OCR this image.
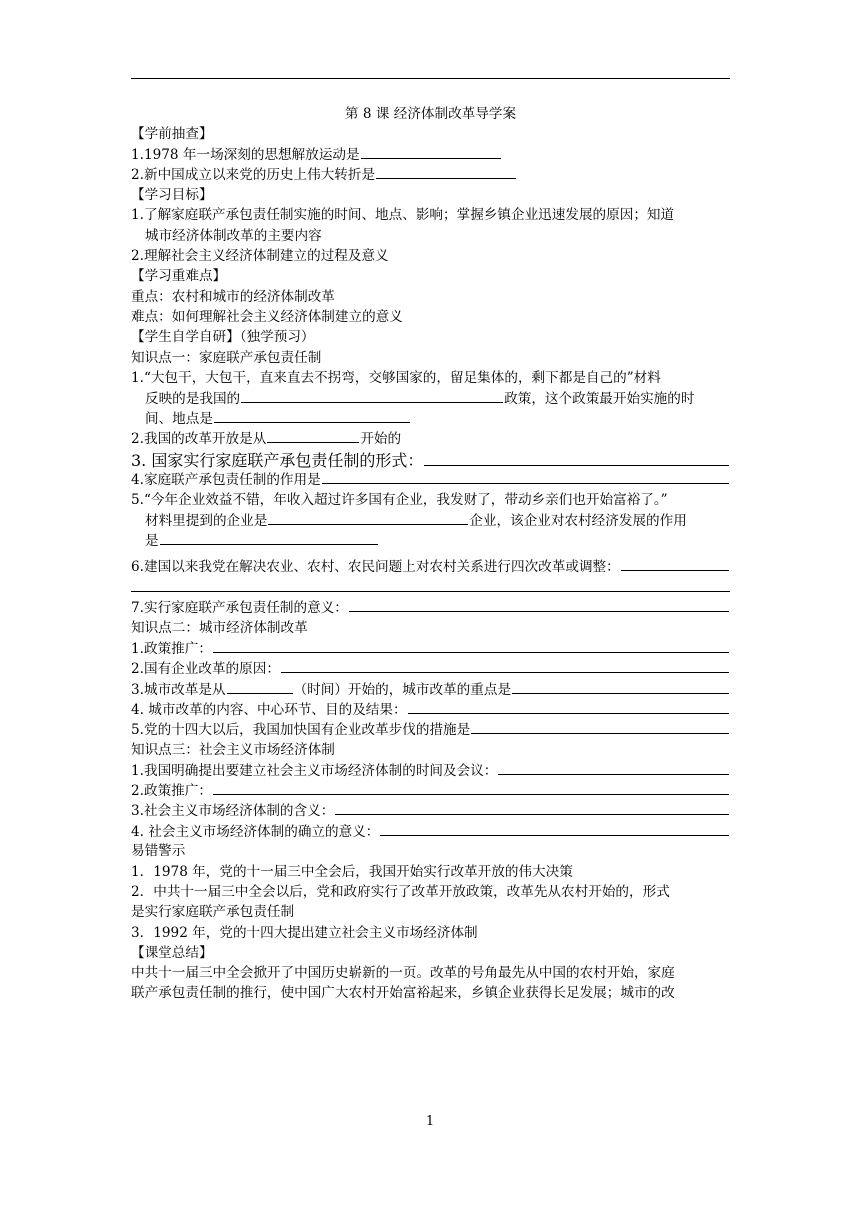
第 8 课 经济体制改革导学案
【学前抽查】
1.1978 年一场深刻的思想解放运动是
2.新中国成立以来党的历史上伟大转折是
【学习目标】
1.了解家庭联产承包责任制实施的时间、地点、影响；掌握乡镇企业迅速发展的原因；知道
城市经济体制改革的主要内容
2.理解社会主义经济体制建立的过程及意义
【学习重难点】
重点：农村和城市的经济体制改革
难点：如何理解社会主义经济体制建立的意义
【学生自学自研】（独学预习）
知识点一：家庭联产承包责任制
1.“大包干，大包干，直来直去不拐弯，交够国家的，留足集体的，剩下都是自己的”材料
反映的是我国的	政策，这个政策最开始实施的时
间、地点是
2.我国的改革开放是从	开始的
3. 国家实行家庭联产承包责任制的形式：
4.家庭联产承包责任制的作用是
5.“今年企业效益不错，年收入超过许多国有企业，我发财了，带动乡亲们也开始富裕了。”
材料里提到的企业是	企业，该企业对农村经济发展的作用
是
6.建国以来我党在解决农业、农村、农民问题上对农村关系进行四次改革或调整：
7.实行家庭联产承包责任制的意义：
知识点二：城市经济体制改革
1.政策推广：
2.国有企业改革的原因：
3.城市改革是从	（时间）开始的，城市改革的重点是
4. 城市改革的内容、中心环节、目的及结果：
5.党的十四大以后，我国加快国有企业改革步伐的措施是
知识点三：社会主义市场经济体制
1.我国明确提出要建立社会主义市场经济体制的时间及会议：
2.政策推广：
3.社会主义市场经济体制的含义：
4. 社会主义市场经济体制的确立的意义：
易错警示
1．1978 年，党的十一届三中全会后，我国开始实行改革开放的伟大决策
2．中共十一届三中全会以后，党和政府实行了改革开放政策，改革先从农村开始的，形式
是实行家庭联产承包责任制
3．1992 年，党的十四大提出建立社会主义市场经济体制
【课堂总结】
中共十一届三中全会掀开了中国历史崭新的一页。改革的号角最先从中国的农村开始，家庭
联产承包责任制的推行，使中国广大农村开始富裕起来，乡镇企业获得长足发展；城市的改
1
